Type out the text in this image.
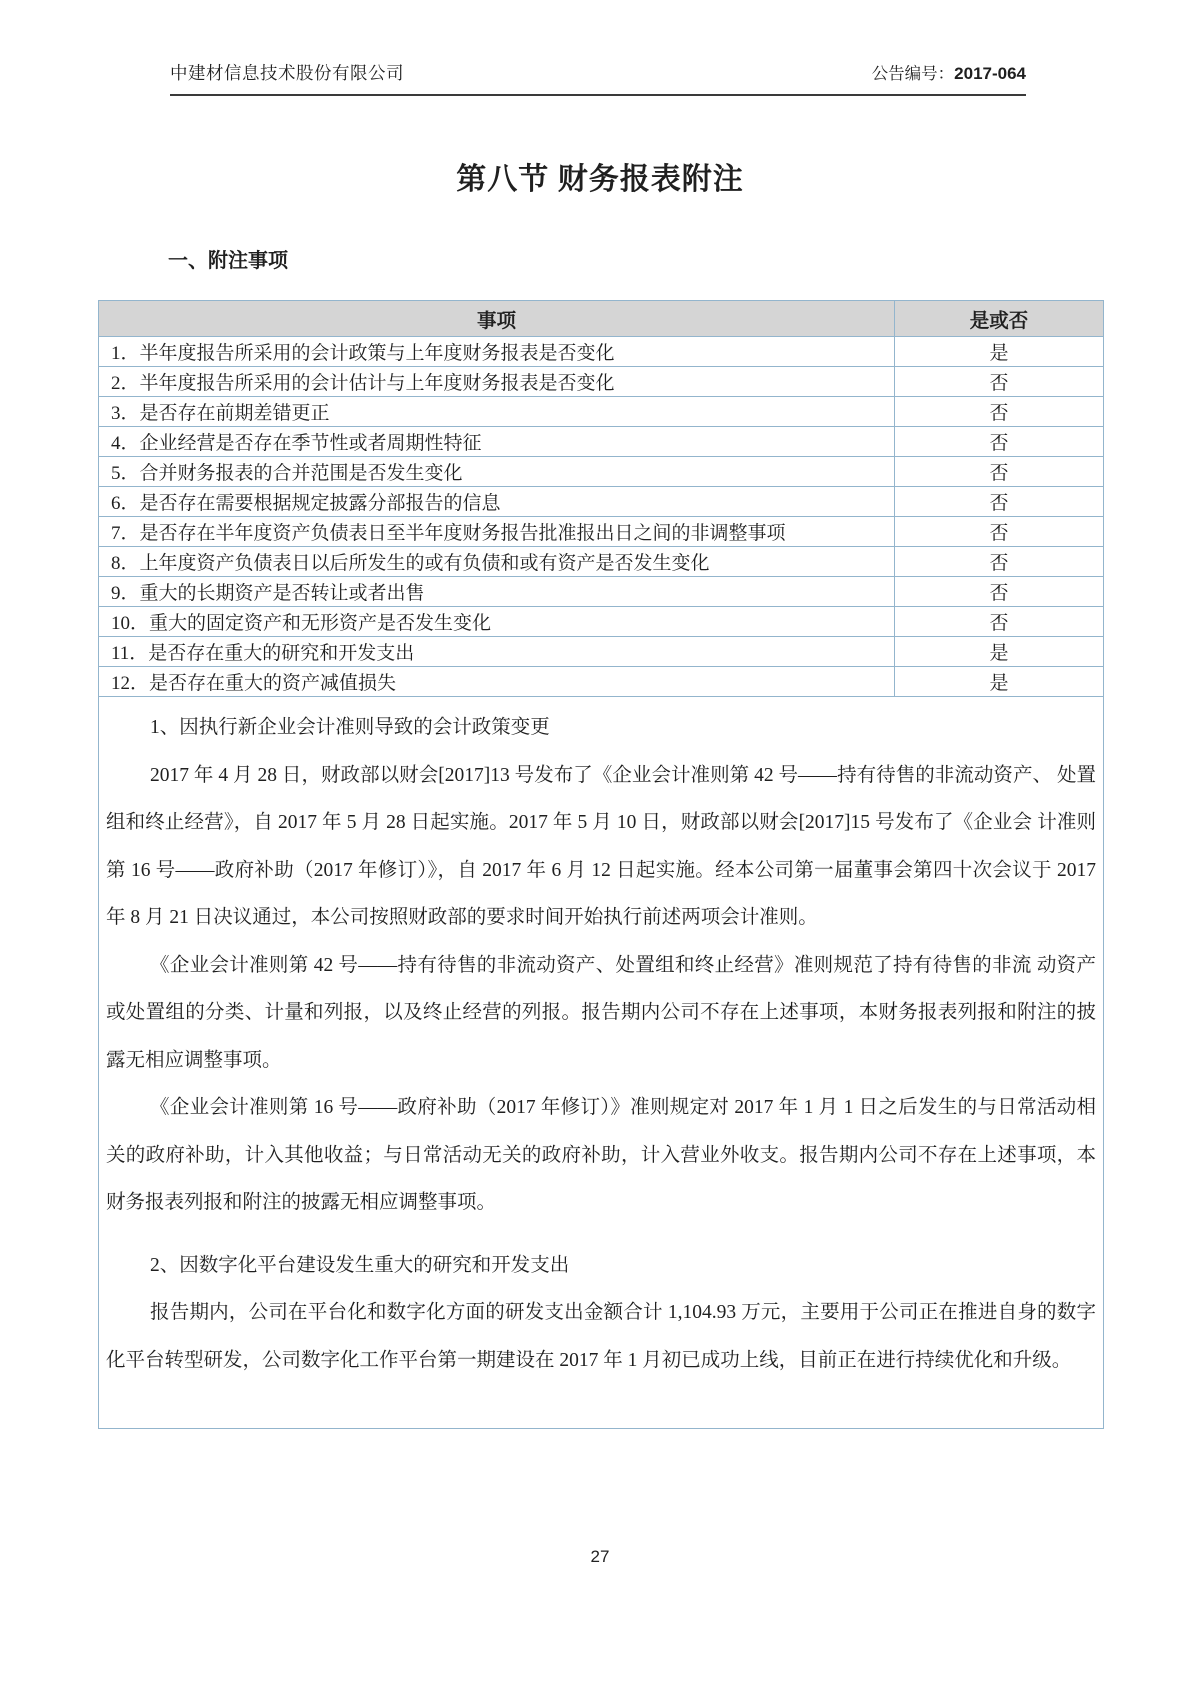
中建材信息技术股份有限公司	公告编号：2017-064
第八节 财务报表附注
一、附注事项
事项	是或否
1．半年度报告所采用的会计政策与上年度财务报表是否变化	是
2．半年度报告所采用的会计估计与上年度财务报表是否变化	否
3．是否存在前期差错更正	否
4．企业经营是否存在季节性或者周期性特征	否
5．合并财务报表的合并范围是否发生变化	否
6．是否存在需要根据规定披露分部报告的信息	否
7．是否存在半年度资产负债表日至半年度财务报告批准报出日之间的非调整事项	否
8．上年度资产负债表日以后所发生的或有负债和或有资产是否发生变化	否
9．重大的长期资产是否转让或者出售	否
10．重大的固定资产和无形资产是否发生变化	否
11．是否存在重大的研究和开发支出	是
12．是否存在重大的资产减值损失	是

1、因执行新企业会计准则导致的会计政策变更

2017 年 4 月 28 日，财政部以财会[2017]13 号发布了《企业会计准则第 42 号——持有待售的非流动资产、 处置组和终止经营》，自 2017 年 5 月 28 日起实施。2017 年 5 月 10 日，财政部以财会[2017]15 号发布了《企业会 计准则第 16 号——政府补助（2017 年修订）》，自 2017 年 6 月 12 日起实施。经本公司第一届董事会第四十次会议于 2017 年 8 月 21 日决议通过，本公司按照财政部的要求时间开始执行前述两项会计准则。

《企业会计准则第 42 号——持有待售的非流动资产、处置组和终止经营》准则规范了持有待售的非流 动资产或处置组的分类、计量和列报，以及终止经营的列报。报告期内公司不存在上述事项，本财务报表列报和附注的披露无相应调整事项。

《企业会计准则第 16 号——政府补助（2017 年修订）》准则规定对 2017 年 1 月 1 日之后发生的与日常活动相关的政府补助，计入其他收益；与日常活动无关的政府补助，计入营业外收支。报告期内公司不存在上述事项，本财务报表列报和附注的披露无相应调整事项。

2、因数字化平台建设发生重大的研究和开发支出

报告期内，公司在平台化和数字化方面的研发支出金额合计 1,104.93 万元，主要用于公司正在推进自身的数字化平台转型研发，公司数字化工作平台第一期建设在 2017 年 1 月初已成功上线，目前正在进行持续优化和升级。

27
